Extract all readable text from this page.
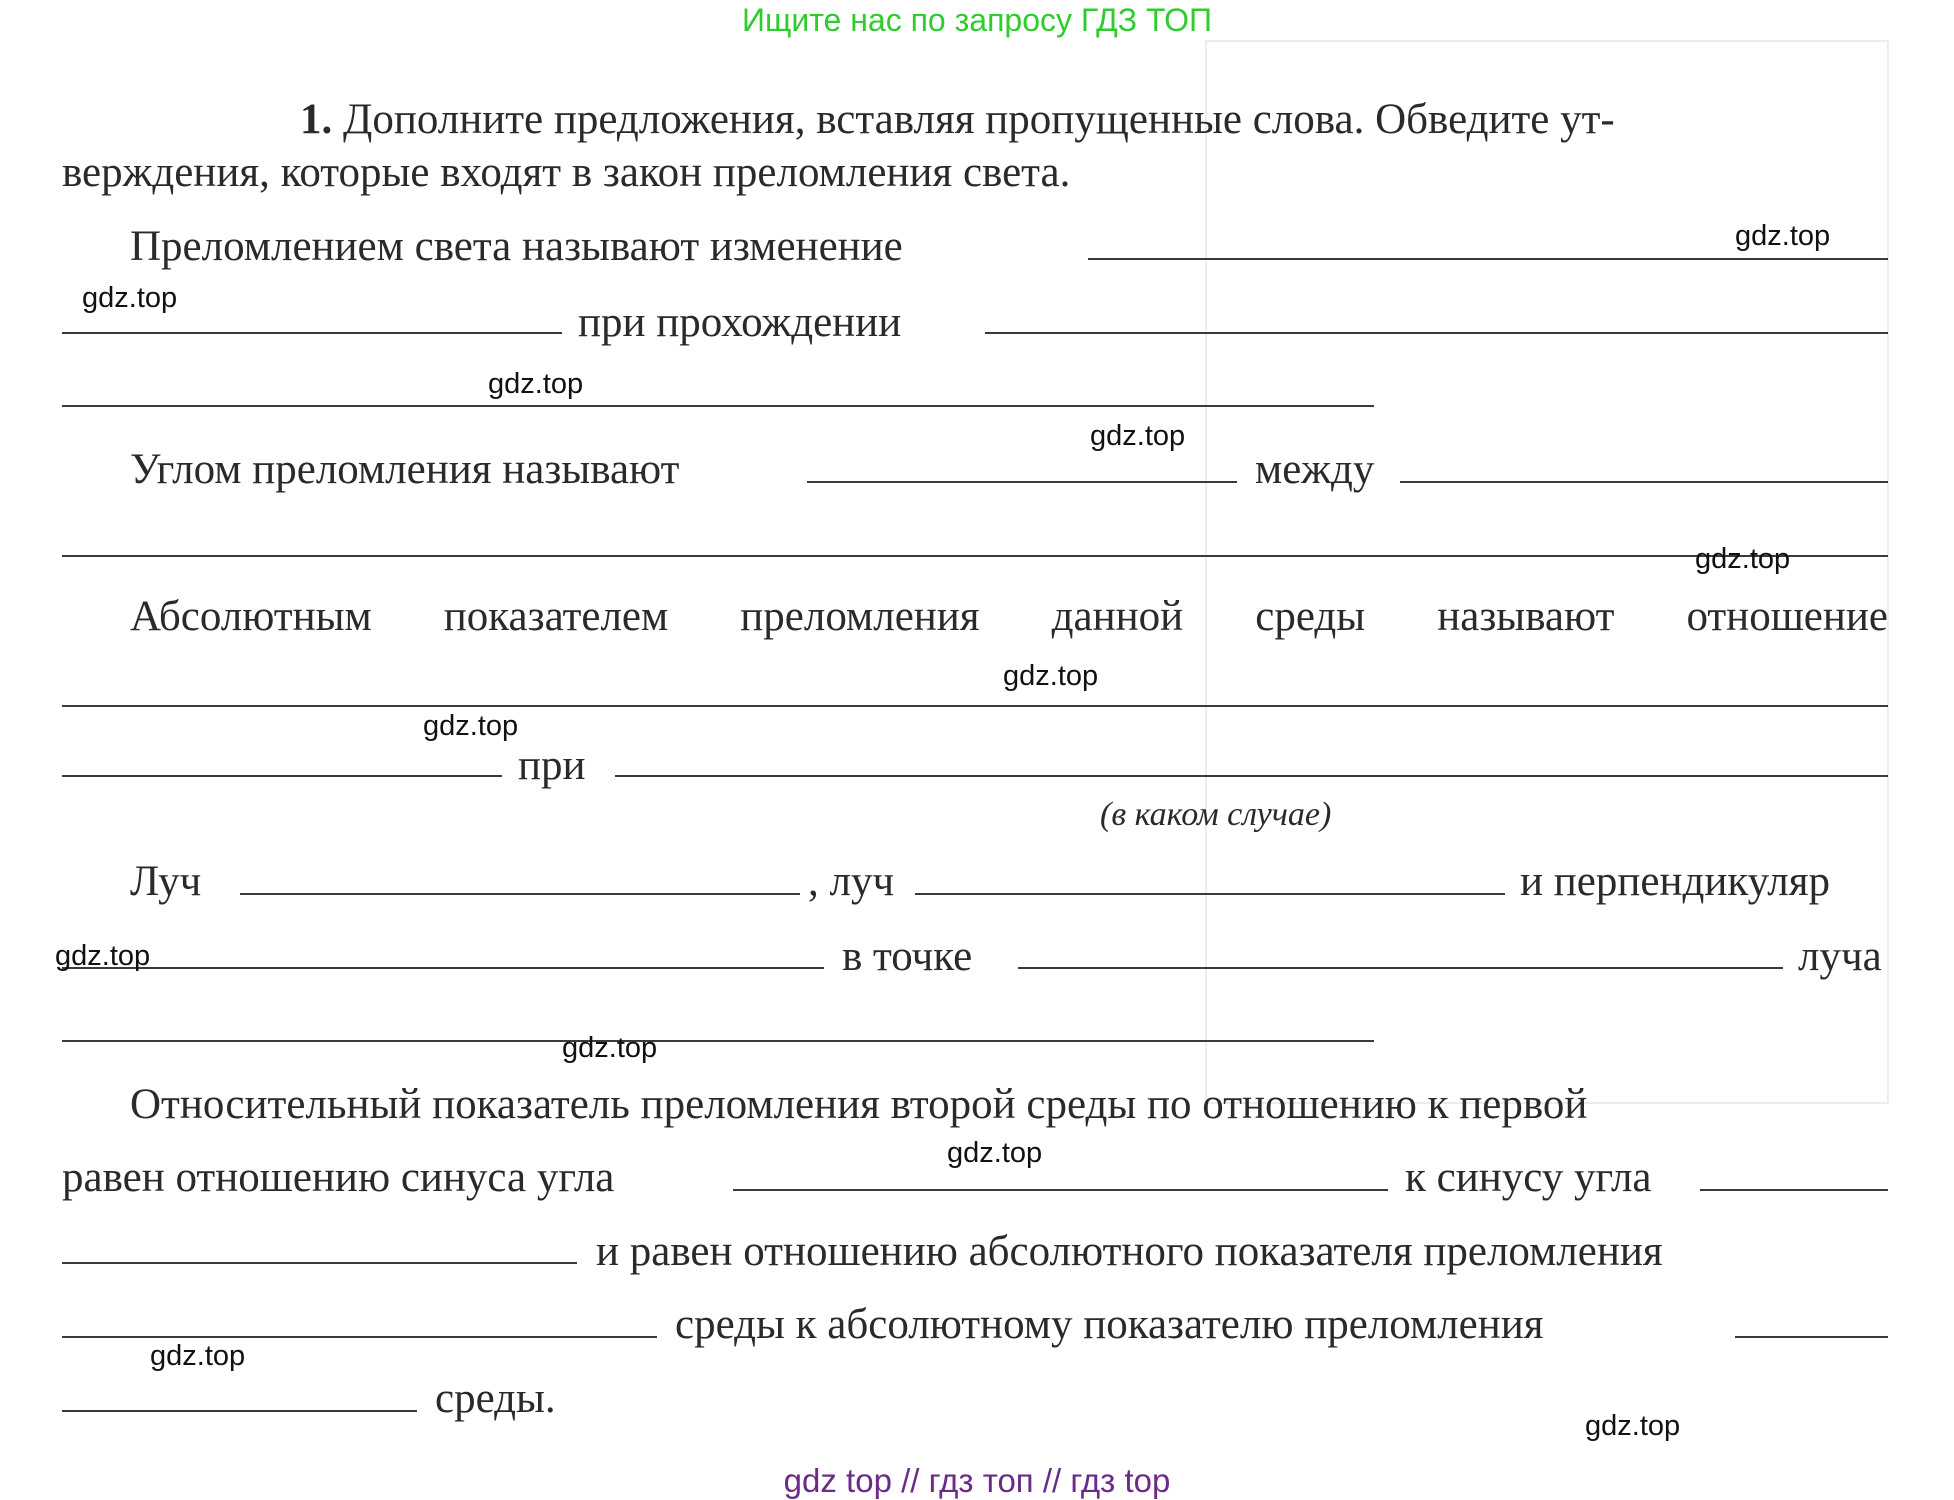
Ищите нас по запросу ГДЗ ТОП
1. Дополните предложения, вставляя пропущенные слова. Обведите ут-
верждения, которые входят в закон преломления света.
Преломлением света называют изменение
при прохождении
Углом преломления называют	между
Абсолютным показателем преломления данной среды называют отношение
при
(в каком случае)
Луч	, луч	и перпендикуляр
в точке	луча
Относительный показатель преломления второй среды по отношению к первой
равен отношению синуса угла	к синусу угла
и равен отношению абсолютного показателя преломления
среды к абсолютному показателю преломления
среды.
gdz.top
gdz.top
gdz.top
gdz.top
gdz.top
gdz.top
gdz.top
gdz.top
gdz.top
gdz.top
gdz.top
gdz.top
gdz top // гдз топ // гдз top
